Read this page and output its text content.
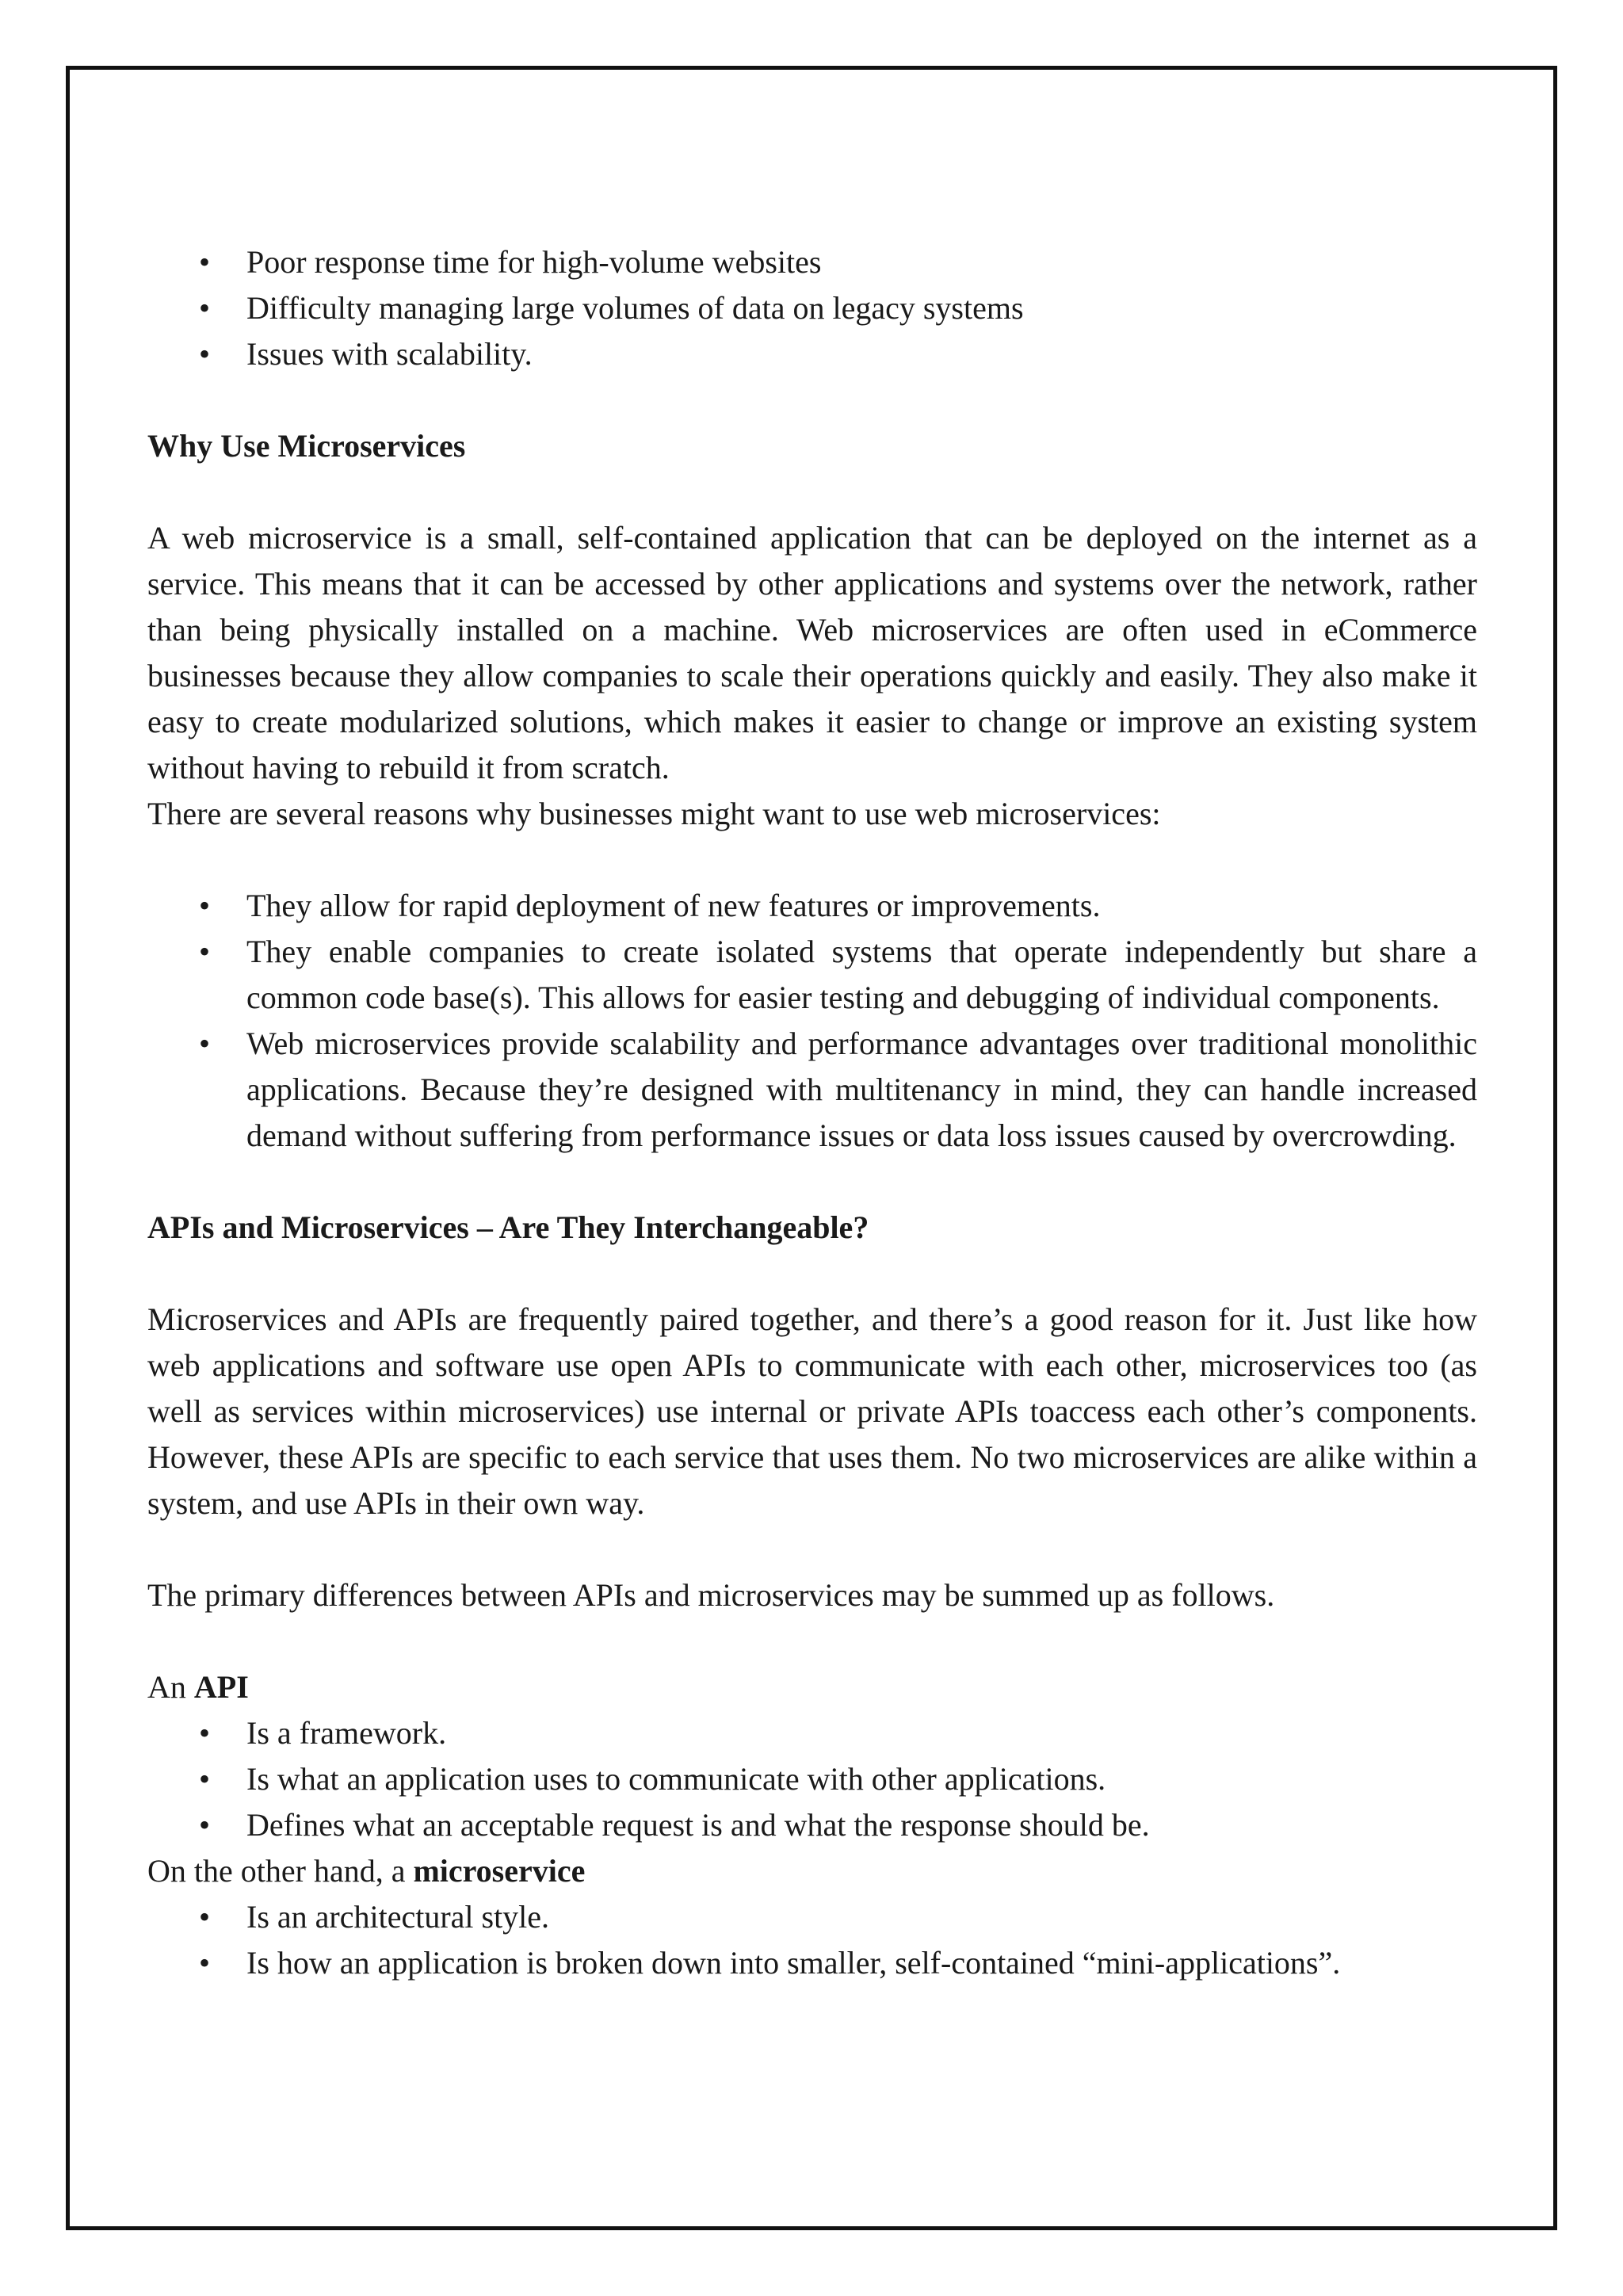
• Poor response time for high-volume websites
• Difficulty managing large volumes of data on legacy systems
• Issues with scalability.

Why Use Microservices

A web microservice is a small, self-contained application that can be deployed on the internet as a service. This means that it can be accessed by other applications and systems over the network, rather than being physically installed on a machine. Web microservices are often used in eCommerce businesses because they allow companies to scale their operations quickly and easily. They also make it easy to create modularized solutions, which makes it easier to change or improve an existing system without having to rebuild it from scratch.

There are several reasons why businesses might want to use web microservices:

• They allow for rapid deployment of new features or improvements.
• They enable companies to create isolated systems that operate independently but share a common code base(s). This allows for easier testing and debugging of individual components.
• Web microservices provide scalability and performance advantages over traditional monolithic applications. Because they’re designed with multitenancy in mind, they can handle increased demand without suffering from performance issues or data loss issues caused by overcrowding.

APIs and Microservices – Are They Interchangeable?

Microservices and APIs are frequently paired together, and there’s a good reason for it. Just like how web applications and software use open APIs to communicate with each other, microservices too (as well as services within microservices) use internal or private APIs toaccess each other’s components. However, these APIs are specific to each service that uses them. No two microservices are alike within a system, and use APIs in their own way.

The primary differences between APIs and microservices may be summed up as follows.

An API

• Is a framework.
• Is what an application uses to communicate with other applications.
• Defines what an acceptable request is and what the response should be.

On the other hand, a microservice

• Is an architectural style.
• Is how an application is broken down into smaller, self-contained “mini-applications”.
